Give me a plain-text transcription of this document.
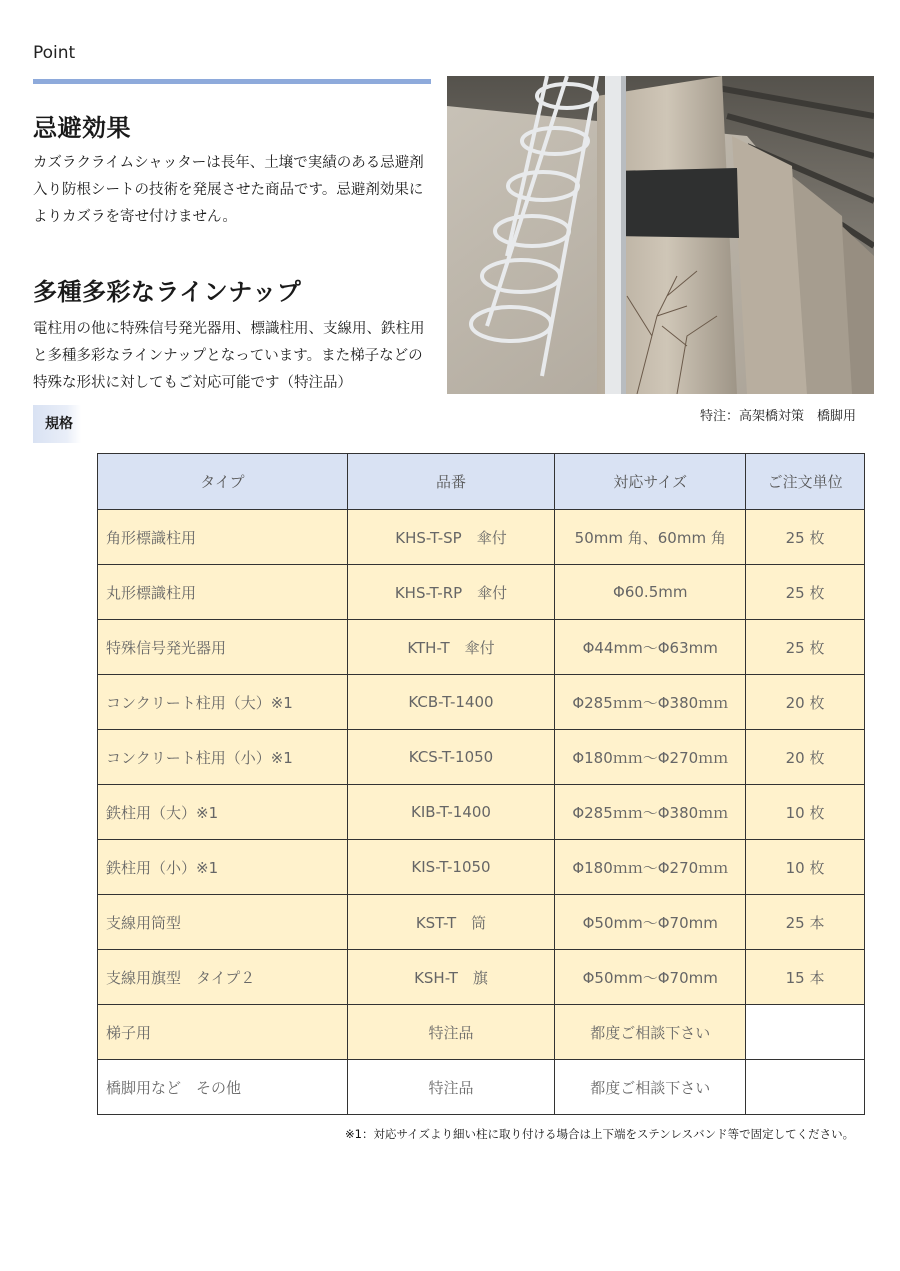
Point
忌避効果
カズラクライムシャッターは長年、土壌で実績のある忌避剤
入り防根シートの技術を発展させた商品です。忌避剤効果に
よりカズラを寄せ付けません。
多種多彩なラインナップ
電柱用の他に特殊信号発光器用、標識柱用、支線用、鉄柱用
と多種多彩なラインナップとなっています。また梯子などの
特殊な形状に対してもご対応可能です（特注品）
特注：高架橋対策　橋脚用
規格
タイプ	品番	対応サイズ	ご注文単位
角形標識柱用	KHS-T-SP　傘付	50mm 角、60mm 角	25 枚
丸形標識柱用	KHS-T-RP　傘付	Φ60.5mm	25 枚
特殊信号発光器用	KTH-T　傘付	Φ44mm～Φ63mm	25 枚
コンクリート柱用（大）※1	KCB-T-1400	Φ285ｍｍ～Φ380ｍｍ	20 枚
コンクリート柱用（小）※1	KCS-T-1050	Φ180ｍｍ～Φ270ｍｍ	20 枚
鉄柱用（大）※1	KIB-T-1400	Φ285ｍｍ～Φ380ｍｍ	10 枚
鉄柱用（小）※1	KIS-T-1050	Φ180ｍｍ～Φ270ｍｍ	10 枚
支線用筒型	KST-T　筒	Φ50mm～Φ70mm	25 本
支線用旗型　タイプ２	KSH-T　旗	Φ50mm～Φ70mm	15 本
梯子用	特注品	都度ご相談下さい	
橋脚用など　その他	特注品	都度ご相談下さい	
※1：対応サイズより細い柱に取り付ける場合は上下端をステンレスバンド等で固定してください。
